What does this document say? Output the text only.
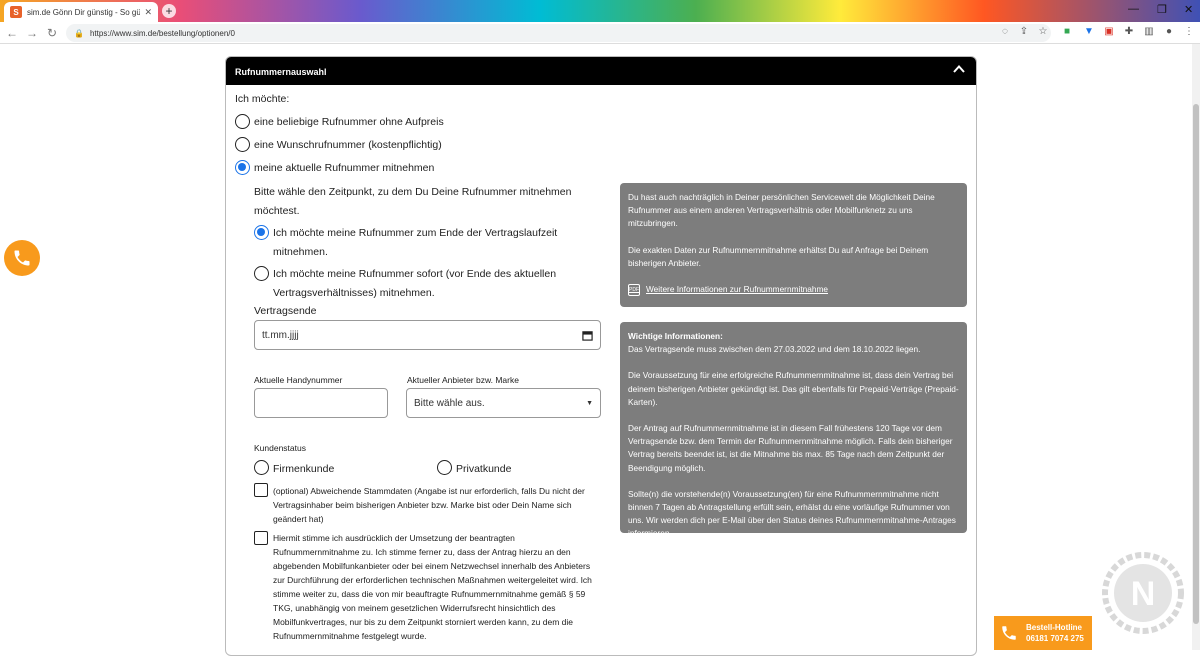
S	sim.de Gönn Dir günstig - So gü ✕ +	— ❐ ✕
← → ↻	🔒 https://www.sim.de/bestellung/optionen/0	◌	⇪ ☆	■	▼ ▣ ✚ ▥	●	⋮
Rufnummernauswahl
Ich möchte:
eine beliebige Rufnummer ohne Aufpreis
eine Wunschrufnummer (kostenpflichtig)
meine aktuelle Rufnummer mitnehmen
Bitte wähle den Zeitpunkt, zu dem Du Deine Rufnummer mitnehmen
möchtest.
Ich möchte meine Rufnummer zum Ende der Vertragslaufzeit
mitnehmen.
Ich möchte meine Rufnummer sofort (vor Ende des aktuellen
Vertragsverhältnisses) mitnehmen.
Vertragsende
tt.mm.jjjj
Aktuelle Handynummer	Aktueller Anbieter bzw. Marke
Bitte wähle aus.	▼
Kundenstatus
Firmenkunde	Privatkunde
(optional) Abweichende Stammdaten (Angabe ist nur erforderlich, falls Du nicht der
Vertragsinhaber beim bisherigen Anbieter bzw. Marke bist oder Dein Name sich
geändert hat)
Hiermit stimme ich ausdrücklich der Umsetzung der beantragten
Rufnummernmitnahme zu. Ich stimme ferner zu, dass der Antrag hierzu an den
abgebenden Mobilfunkanbieter oder bei einem Netzwechsel innerhalb des Anbieters
zur Durchführung der erforderlichen technischen Maßnahmen weitergeleitet wird. Ich
stimme weiter zu, dass die von mir beauftragte Rufnummernmitnahme gemäß § 59
TKG, unabhängig von meinem gesetzlichen Widerrufsrecht hinsichtlich des
Mobilfunkvertrages, nur bis zu dem Zeitpunkt storniert werden kann, zu dem die
Rufnummernmitnahme festgelegt wurde.

Du hast auch nachträglich in Deiner persönlichen Servicewelt die Möglichkeit Deine Rufnummer aus einem anderen Vertragsverhältnis oder Mobilfunknetz zu uns mitzubringen.

Die exakten Daten zur Rufnummernmitnahme erhältst Du auf Anfrage bei Deinem bisherigen Anbieter.

PDF Weitere Informationen zur Rufnummernmitnahme

Wichtige Informationen:
Das Vertragsende muss zwischen dem 27.03.2022 und dem 18.10.2022 liegen.

Die Voraussetzung für eine erfolgreiche Rufnummernmitnahme ist, dass dein Vertrag bei deinem bisherigen Anbieter gekündigt ist. Das gilt ebenfalls für Prepaid-Verträge (Prepaid-Karten).

Der Antrag auf Rufnummernmitnahme ist in diesem Fall frühestens 120 Tage vor dem Vertragsende bzw. dem Termin der Rufnummernmitnahme möglich. Falls dein bisheriger Vertrag bereits beendet ist, ist die Mitnahme bis max. 85 Tage nach dem Zeitpunkt der Beendigung möglich.

Sollte(n) die vorstehende(n) Voraussetzung(en) für eine Rufnummernmitnahme nicht binnen 7 Tagen ab Antragstellung erfüllt sein, erhälst du eine vorläufige Rufnummer von uns. Wir werden dich per E-Mail über den Status deines Rufnummernmitnahme-Antrages informieren.

N
Bestell-Hotline
06181 7074 275
